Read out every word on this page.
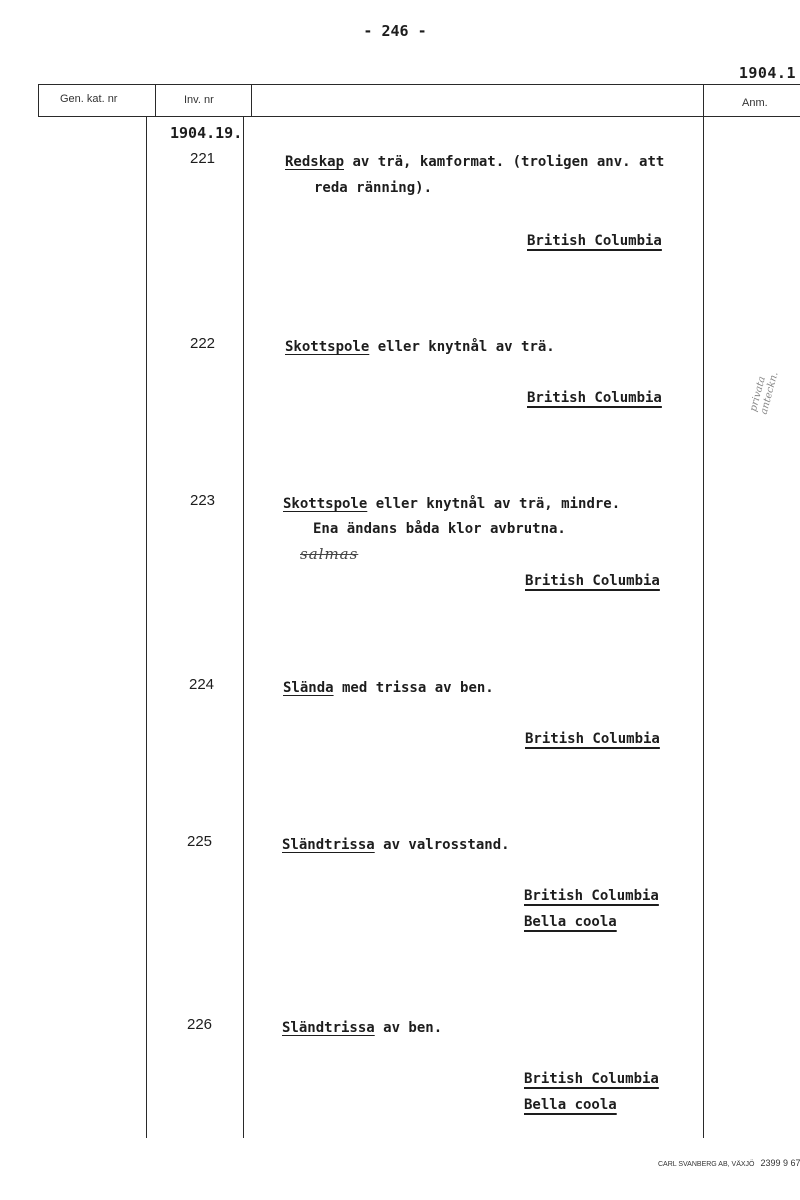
- 246 -
1904.1
Gen. kat. nr	Inv. nr	Anm.
1904.19.
221	Redskap av trä, kamformat. (troligen anv. att
reda ränning).
British Columbia
222	Skottspole eller knytnål av trä.
British Columbia
223	Skottspole eller knytnål av trä, mindre.
Ena ändans båda klor avbrutna.
salmas
British Columbia
224	Slända med trissa av ben.
British Columbia
225	Sländtrissa av valrosstand.
British Columbia
Bella coola
226	Sländtrissa av ben.
British Columbia
Bella coola
privata anteckn.
CARL SVANBERG AB, VÄXJÖ 2399 9 67
